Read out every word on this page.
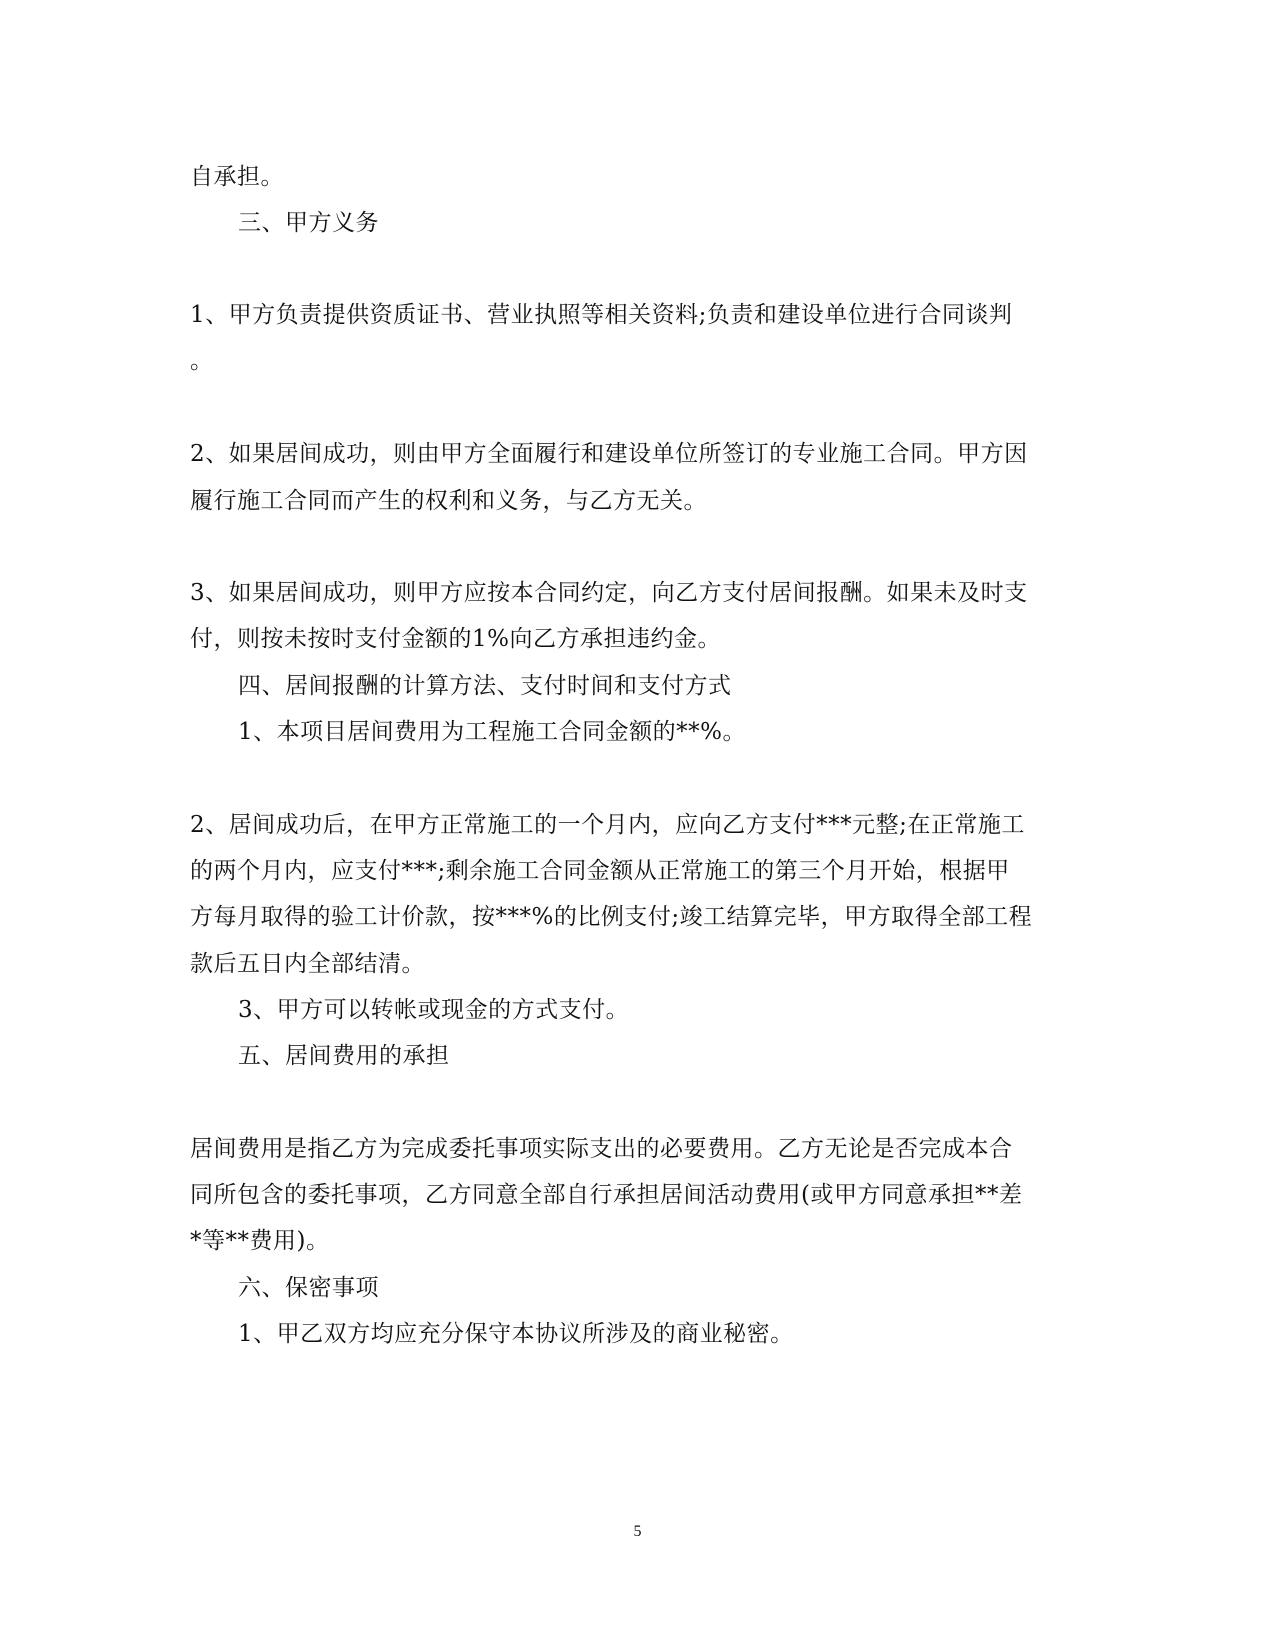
自承担。
三、甲方义务
1、甲方负责提供资质证书、营业执照等相关资料;负责和建设单位进行合同谈判
。
2、如果居间成功，则由甲方全面履行和建设单位所签订的专业施工合同。甲方因
履行施工合同而产生的权利和义务，与乙方无关。
3、如果居间成功，则甲方应按本合同约定，向乙方支付居间报酬。如果未及时支
付，则按未按时支付金额的1%向乙方承担违约金。
四、居间报酬的计算方法、支付时间和支付方式
1、本项目居间费用为工程施工合同金额的**%。
2、居间成功后，在甲方正常施工的一个月内，应向乙方支付***元整;在正常施工
的两个月内，应支付***;剩余施工合同金额从正常施工的第三个月开始，根据甲
方每月取得的验工计价款，按***%的比例支付;竣工结算完毕，甲方取得全部工程
款后五日内全部结清。
3、甲方可以转帐或现金的方式支付。
五、居间费用的承担
居间费用是指乙方为完成委托事项实际支出的必要费用。乙方无论是否完成本合
同所包含的委托事项，乙方同意全部自行承担居间活动费用(或甲方同意承担**差
*等**费用)。
六、保密事项
1、甲乙双方均应充分保守本协议所涉及的商业秘密。
5
